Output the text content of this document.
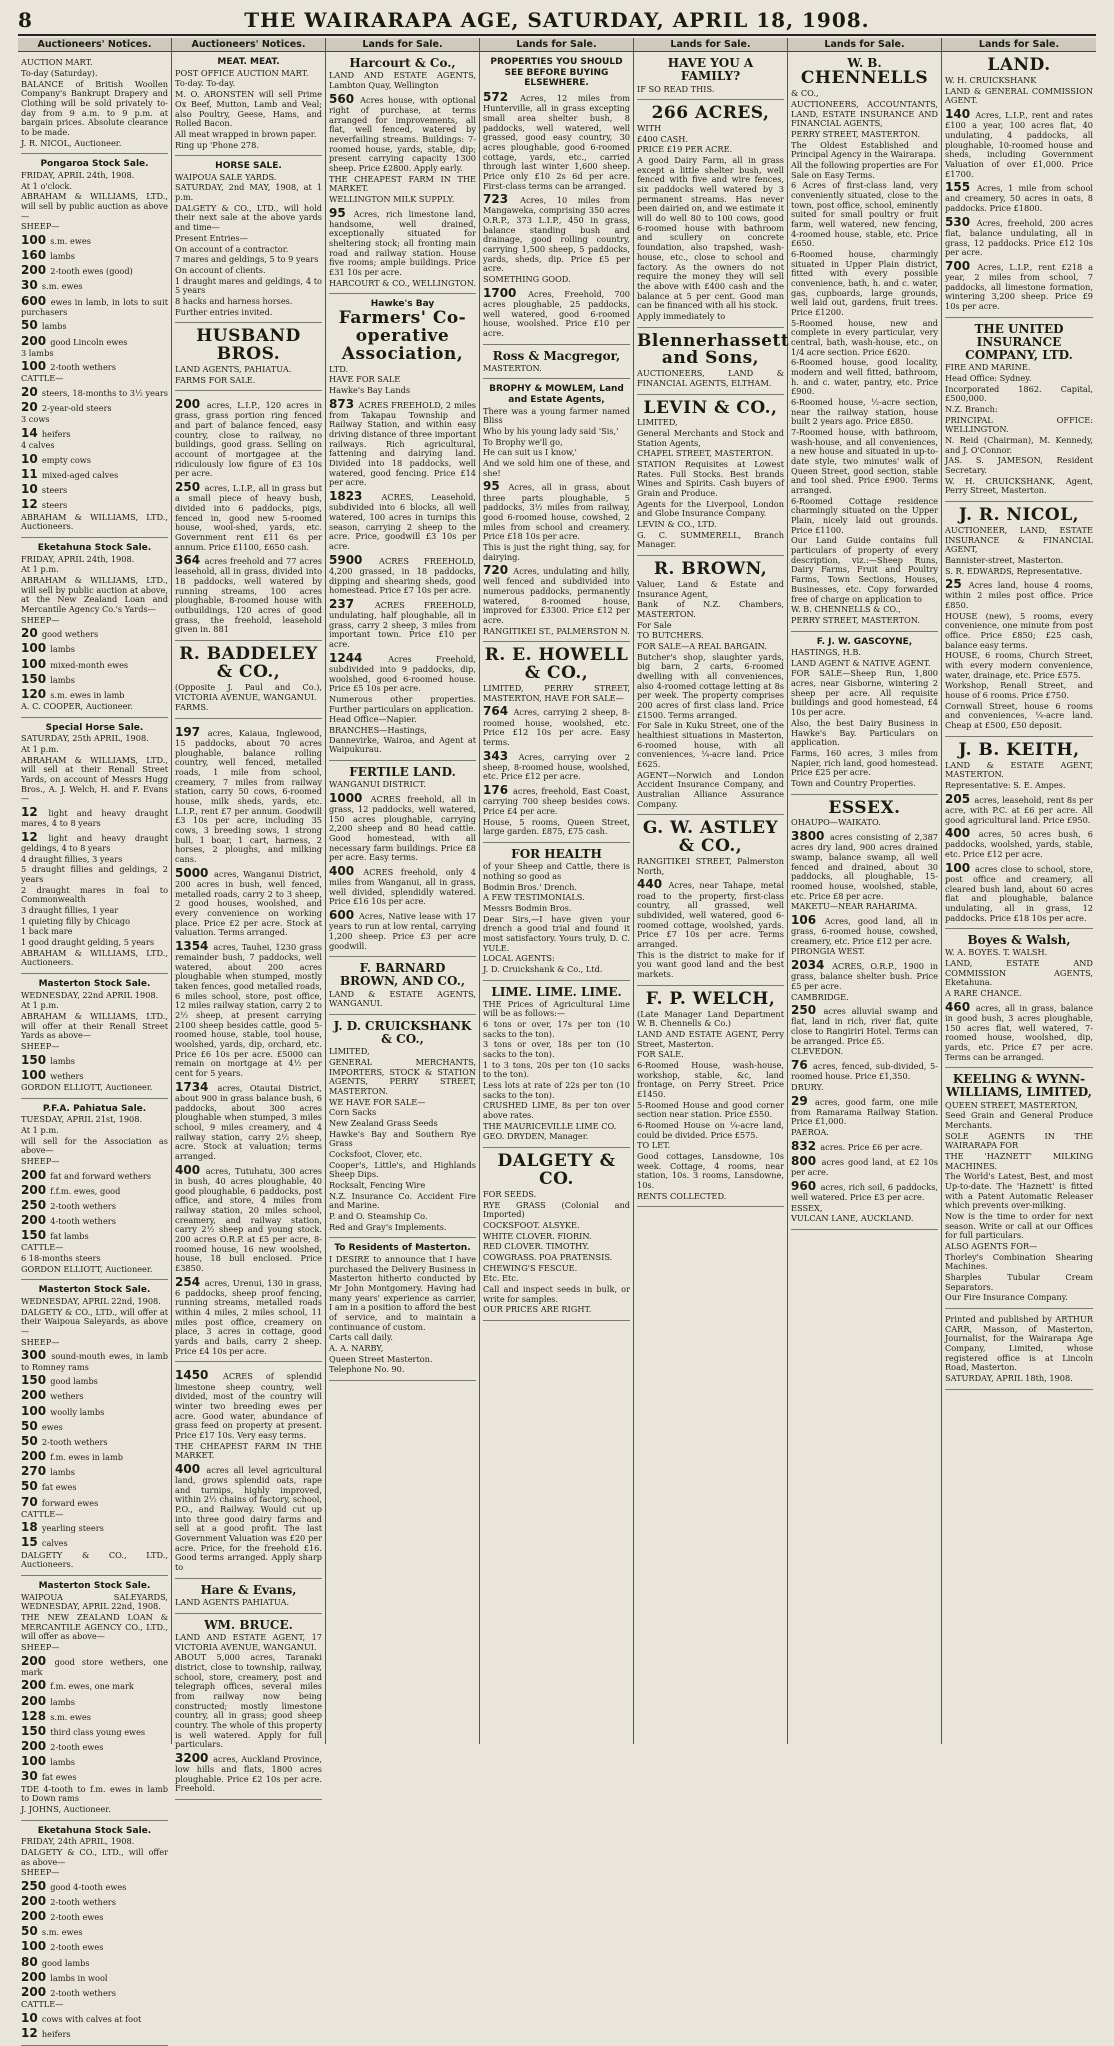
8	THE WAIRARAPA AGE, SATURDAY, APRIL 18, 1908.
Auctioneers' Notices.

AUCTION MART.

To-day (Saturday).

BALANCE of British Woollen Company's Bankrupt Drapery and Clothing will be sold privately to-day from 9 a.m. to 9 p.m. at bargain prices. Absolute clearance to be made.

J. R. NICOL, Auctioneer.

Pongaroa Stock Sale.

FRIDAY, APRIL 24th, 1908.

At 1 o'clock.

ABRAHAM & WILLIAMS, LTD., will sell by public auction as above—

SHEEP—

100 s.m. ewes

160 lambs

200 2-tooth ewes (good)

30 s.m. ewes

600 ewes in lamb, in lots to suit purchasers

50 lambs

200 good Lincoln ewes

3 lambs

100 2-tooth wethers

CATTLE—

20 steers, 18-months to 3½ years

20 2-year-old steers

3 cows

14 heifers

4 calves

10 empty cows

11 mixed-aged calves

10 steers

12 steers

ABRAHAM & WILLIAMS, LTD., Auctioneers.

Eketahuna Stock Sale.

FRIDAY, APRIL 24th, 1908.

At 1 p.m.

ABRAHAM & WILLIAMS, LTD., will sell by public auction at above, at the New Zealand Loan and Mercantile Agency Co.'s Yards—

SHEEP—

20 good wethers

100 lambs

100 mixed-month ewes

150 lambs

120 s.m. ewes in lamb

A. C. COOPER, Auctioneer.

Special Horse Sale.

SATURDAY, 25th APRIL, 1908.

At 1 p.m.

ABRAHAM & WILLIAMS, LTD., will sell at their Renall Street Yards, on account of Messrs Hugg Bros., A. J. Welch, H. and F. Evans—

12 light and heavy draught mares, 4 to 8 years

12 light and heavy draught geldings, 4 to 8 years

4 draught fillies, 3 years

5 draught fillies and geldings, 2 years

2 draught mares in foal to Commonwealth

3 draught fillies, 1 year

1 quieting filly by Chicago

1 back mare

1 good draught gelding, 5 years

ABRAHAM & WILLIAMS, LTD., Auctioneers.

Masterton Stock Sale.

WEDNESDAY, 22nd APRIL 1908.

At 1 p.m.

ABRAHAM & WILLIAMS, LTD., will offer at their Renall Street Yards as above—

SHEEP—

150 lambs

100 wethers

GORDON ELLIOTT, Auctioneer.

P.F.A. Pahiatua Sale.

TUESDAY, APRIL 21st, 1908.

At 1 p.m.

will sell for the Association as above—

SHEEP—

200 fat and forward wethers

200 f.f.m. ewes, good

250 2-tooth wethers

200 4-tooth wethers

150 fat lambs

CATTLE—

6 18-months steers

GORDON ELLIOTT, Auctioneer.

Masterton Stock Sale.

WEDNESDAY, APRIL 22nd, 1908.

DALGETY & CO., LTD., will offer at their Waipoua Saleyards, as above—

SHEEP—

300 sound-mouth ewes, in lamb to Romney rams

150 good lambs

200 wethers

100 woolly lambs

50 ewes

50 2-tooth wethers

200 f.m. ewes in lamb

270 lambs

50 fat ewes

70 forward ewes

CATTLE—

18 yearling steers

15 calves

DALGETY & CO., LTD., Auctioneers.

Masterton Stock Sale.

WAIPOUA SALEYARDS, WEDNESDAY, APRIL 22nd, 1908.

THE NEW ZEALAND LOAN & MERCANTILE AGENCY CO., LTD., will offer as above—

SHEEP—

200 good store wethers, one mark

200 f.m. ewes, one mark

200 lambs

128 s.m. ewes

150 third class young ewes

200 2-tooth ewes

100 lambs

30 fat ewes

TDE 4-tooth to f.m. ewes in lamb to Down rams

J. JOHNS, Auctioneer.

Eketahuna Stock Sale.

FRIDAY, 24th APRIL, 1908.

DALGETY & CO., LTD., will offer as above—

SHEEP—

250 good 4-tooth ewes

200 2-tooth wethers

200 2-tooth ewes

50 s.m. ewes

100 2-tooth ewes

80 good lambs

200 lambs in wool

200 2-tooth wethers

CATTLE—

10 cows with calves at foot

12 heifers

Auctioneers' Notices.
MEAT. MEAT.

POST OFFICE AUCTION MART.

To-day. To-day.

M. O. ARONSTEN will sell Prime Ox Beef, Mutton, Lamb and Veal; also Poultry, Geese, Hams, and Rolled Bacon.

All meat wrapped in brown paper.

Ring up 'Phone 278.

HORSE SALE.

WAIPOUA SALE YARDS.

SATURDAY, 2nd MAY, 1908, at 1 p.m.

DALGETY & CO., LTD., will hold their next sale at the above yards and time—

Present Entries—

On account of a contractor.

7 mares and geldings, 5 to 9 years

On account of clients.

1 draught mares and geldings, 4 to 5 years

8 hacks and harness horses.

Further entries invited.

HUSBAND BROS.

LAND AGENTS, PAHIATUA.

FARMS FOR SALE.

200 acres, L.I.P., 120 acres in grass, grass portion ring fenced and part of balance fenced, easy country, close to railway, no buildings, good grass. Selling on account of mortgagee at the ridiculously low figure of £3 10s per acre.

250 acres, L.I.P., all in grass but a small piece of heavy bush, divided into 6 paddocks, pigs, fenced in, good new 5-roomed house, wool-shed, yards, etc. Government rent £11 6s per annum. Price £1100, £650 cash.

364 acres freehold and 77 acres leasehold, all in grass, divided into 18 paddocks, well watered by running streams, 100 acres ploughable, 8-roomed house with outbuildings, 120 acres of good grass, the freehold, leasehold given in. 881

R. BADDELEY & CO.,

(Opposite J. Paul and Co.), VICTORIA AVENUE, WANGANUI.

FARMS.

197 acres, Kaiaua, Inglewood, 15 paddocks, about 70 acres ploughable, balance rolling country, well fenced, metalled roads, 1 mile from school, creamery, 7 miles from railway station, carry 50 cows, 6-roomed house, milk sheds, yards, etc. L.I.P., rent £7 per annum. Goodwill £3 10s per acre, including 35 cows, 3 breeding sows, 1 strong bull, 1 boar, 1 cart, harness, 2 horses, 2 ploughs, and milking cans.

5000 acres, Wanganui District, 200 acres in bush, well fenced, metalled roads, carry 2 to 3 sheep, 2 good houses, woolshed, and every convenience on working place. Price £2 per acre. Stock at valuation. Terms arranged.

1354 acres, Tauhei, 1230 grass remainder bush, 7 paddocks, well watered, about 200 acres ploughable when stumped, mostly taken fences, good metalled roads, 6 miles school, store, post office, 12 miles railway station, carry 2 to 2½ sheep, at present carrying 2100 sheep besides cattle, good 5-roomed house, stable, tool house, woolshed, yards, dip, orchard, etc. Price £6 10s per acre. £5000 can remain on mortgage at 4½ per cent for 5 years.

1734 acres, Otautai District, about 900 in grass balance bush, 6 paddocks, about 300 acres ploughable when stumped, 3 miles school, 9 miles creamery, and 4 railway station, carry 2½ sheep, acre. Stock at valuation; terms arranged.

400 acres, Tutuhatu, 300 acres in bush, 40 acres ploughable, 40 good ploughable, 6 paddocks, post office, and store, 4 miles from railway station, 20 miles school, creamery, and railway station, carry 2½ sheep and young stock. 200 acres O.R.P. at £5 per acre, 8-roomed house, 16 new woolshed, house, 18 bull enclosed. Price £3850.

254 acres, Urenui, 130 in grass, 6 paddocks, sheep proof fencing, running streams, metalled roads within 4 miles, 2 miles school, 11 miles post office, creamery on place, 3 acres in cottage, good yards and bails, carry 2 sheep. Price £4 10s per acre.

1450 ACRES of splendid limestone sheep country, well divided, most of the country will winter two breeding ewes per acre. Good water, abundance of grass feed on property at present. Price £17 10s. Very easy terms.

THE CHEAPEST FARM IN THE MARKET.

400 acres all level agricultural land, grows splendid oats, rape and turnips, highly improved, within 2½ chains of factory, school, P.O., and Railway. Would cut up into three good dairy farms and sell at a good profit. The last Government Valuation was £20 per acre. Price, for the freehold £16. Good terms arranged. Apply sharp to

Hare & Evans,

LAND AGENTS PAHIATUA.

WM. BRUCE.

LAND AND ESTATE AGENT, 17 VICTORIA AVENUE, WANGANUI.

ABOUT 5,000 acres, Taranaki district, close to township, railway, school, store, creamery, post and telegraph offices, several miles from railway now being constructed; mostly limestone country, all in grass; good sheep country. The whole of this property is well watered. Apply for full particulars.

3200 acres, Auckland Province, low hills and flats, 1800 acres ploughable. Price £2 10s per acre. Freehold.

Lands for Sale.
Harcourt & Co.,

LAND AND ESTATE AGENTS, Lambton Quay, Wellington

560 Acres house, with optional right of purchase, at terms arranged for improvements, all flat, well fenced, watered by neverfailing streams. Buildings: 7-roomed house, yards, stable, dip; present carrying capacity 1300 sheep. Price £2800. Apply early.

THE CHEAPEST FARM IN THE MARKET.

WELLINGTON MILK SUPPLY.

95 Acres, rich limestone land, handsome, well drained, exceptionally situated for sheltering stock; all fronting main road and railway station. House five rooms; ample buildings. Price £31 10s per acre.

HARCOURT & CO., WELLINGTON.

Hawke's Bay
Farmers' Co-operative Association,

LTD.

HAVE FOR SALE

Hawke's Bay Lands

873 ACRES FREEHOLD, 2 miles from Takapau Township and Railway Station, and within easy driving distance of three important railways. Rich agricultural, fattening and dairying land. Divided into 18 paddocks, well watered, good fencing. Price £14 per acre.

1823 ACRES, Leasehold, subdivided into 6 blocks, all well watered, 100 acres in turnips this season, carrying 2 sheep to the acre. Price, goodwill £3 10s per acre.

5900 ACRES FREEHOLD, 4,200 grassed, in 18 paddocks, dipping and shearing sheds, good homestead. Price £7 10s per acre.

237 ACRES FREEHOLD, undulating, half ploughable, all in grass, carry 2 sheep, 3 miles from important town. Price £10 per acre.

1244 Acres Freehold, subdivided into 9 paddocks, dip, woolshed, good 6-roomed house. Price £5 10s per acre.

Numerous other properties. Further particulars on application.

Head Office—Napier.

BRANCHES—Hastings, Dannevirke, Wairoa, and Agent at Waipukurau.

FERTILE LAND.

WANGANUI DISTRICT.

1000 ACRES freehold, all in grass, 12 paddocks, well watered, 150 acres ploughable, carrying 2,200 sheep and 80 head cattle. Good homestead, with all necessary farm buildings. Price £8 per acre. Easy terms.

400 ACRES freehold, only 4 miles from Wanganui, all in grass, well divided, splendidly watered. Price £16 10s per acre.

600 Acres, Native lease with 17 years to run at low rental, carrying 1,200 sheep. Price £3 per acre goodwill.

F. BARNARD BROWN, AND CO.,

LAND & ESTATE AGENTS, WANGANUI.

J. D. CRUICKSHANK & CO.,

LIMITED,

GENERAL MERCHANTS, IMPORTERS, STOCK & STATION AGENTS, PERRY STREET, MASTERTON.

WE HAVE FOR SALE—

Corn Sacks

New Zealand Grass Seeds

Hawke's Bay and Southern Rye Grass

Cocksfoot, Clover, etc.

Cooper's, Little's, and Highlands Sheep Dips.

Rocksalt, Fencing Wire

N.Z. Insurance Co. Accident Fire and Marine.

P. and O. Steamship Co.

Red and Gray's Implements.

To Residents of Masterton.

I DESIRE to announce that I have purchased the Delivery Business in Masterton hitherto conducted by Mr John Montgomery. Having had many years' experience as carrier, I am in a position to afford the best of service, and to maintain a continuance of custom.

Carts call daily.

A. A. NARBY,

Queen Street Masterton.

Telephone No. 90.

Lands for Sale.
PROPERTIES YOU SHOULD SEE BEFORE BUYING ELSEWHERE.

572 Acres, 12 miles from Hunterville, all in grass excepting small area shelter bush, 8 paddocks, well watered, well grassed, good easy country, 30 acres ploughable, good 6-roomed cottage, yards, etc., carried through last winter 1,600 sheep. Price only £10 2s 6d per acre. First-class terms can be arranged.

723 Acres, 10 miles from Mangaweka, comprising 350 acres O.R.P., 373 L.I.P., 450 in grass, balance standing bush and drainage, good rolling country, carrying 1,500 sheep, 5 paddocks, yards, sheds, dip. Price £5 per acre.

SOMETHING GOOD.

1700 Acres, Freehold, 700 acres ploughable, 25 paddocks, well watered, good 6-roomed house, woolshed. Price £10 per acre.

Ross & Macgregor,

MASTERTON.

BROPHY & MOWLEM, Land and Estate Agents,

There was a young farmer named Bliss

Who by his young lady said 'Sis,'

To Brophy we'll go,

He can suit us I know,'

And we sold him one of these, and she!

95 Acres, all in grass, about three parts ploughable, 5 paddocks, 3½ miles from railway, good 6-roomed house, cowshed, 2 miles from school and creamery. Price £18 10s per acre.

This is just the right thing, say, for dairying.

720 Acres, undulating and hilly, well fenced and subdivided into numerous paddocks, permanently watered, 8-roomed house, improved for £3300. Price £12 per acre.

RANGITIKEI ST., PALMERSTON N.

R. E. HOWELL & CO.,

LIMITED, PERRY STREET, MASTERTON, HAVE FOR SALE—

764 Acres, carrying 2 sheep, 8-roomed house, woolshed, etc. Price £12 10s per acre. Easy terms.

343 Acres, carrying over 2 sheep, 8-roomed house, woolshed, etc. Price £12 per acre.

176 acres, freehold, East Coast, carrying 700 sheep besides cows. Price £4 per acre.

House, 5 rooms, Queen Street, large garden. £875, £75 cash.

FOR HEALTH

of your Sheep and Cattle, there is nothing so good as

Bodmin Bros.' Drench.

A FEW TESTIMONIALS.

Messrs Bodmin Bros.

Dear Sirs,—I have given your drench a good trial and found it most satisfactory. Yours truly, D. C. YULE.

LOCAL AGENTS:

J. D. Cruickshank & Co., Ltd.

LIME. LIME. LIME.

THE Prices of Agricultural Lime will be as follows:—

6 tons or over, 17s per ton (10 sacks to the ton).

3 tons or over, 18s per ton (10 sacks to the ton).

1 to 3 tons, 20s per ton (10 sacks to the ton).

Less lots at rate of 22s per ton (10 sacks to the ton).

CRUSHED LIME, 8s per ton over above rates.

THE MAURICEVILLE LIME CO.

GEO. DRYDEN, Manager.

DALGETY & CO.

FOR SEEDS.

RYE GRASS (Colonial and Imported)

COCKSFOOT. ALSYKE.

WHITE CLOVER. FIORIN.

RED CLOVER. TIMOTHY.

COWGRASS. POA PRATENSIS.

CHEWING'S FESCUE.

Etc. Etc.

Call and inspect seeds in bulk, or write for samples.

OUR PRICES ARE RIGHT.

Lands for Sale.
HAVE YOU A FAMILY?

IF SO READ THIS.

266 ACRES,

WITH

£400 CASH.

PRICE £19 PER ACRE.

A good Dairy Farm, all in grass except a little shelter bush, well fenced with five and wire fences, six paddocks well watered by 3 permanent streams. Has never been dairied on, and we estimate it will do well 80 to 100 cows, good 6-roomed house with bathroom and scullery on concrete foundation, also trapshed, wash-house, etc., close to school and factory. As the owners do not require the money they will sell the above with £400 cash and the balance at 5 per cent. Good man can be financed with all his stock.

Apply immediately to

Blennerhassett and Sons,

AUCTIONEERS, LAND & FINANCIAL AGENTS, ELTHAM.

LEVIN & CO.,

LIMITED,

General Merchants and Stock and Station Agents,

CHAPEL STREET, MASTERTON.

STATION Requisites at Lowest Rates. Full Stocks. Best brands Wines and Spirits. Cash buyers of Grain and Produce.

Agents for the Liverpool, London and Globe Insurance Company.

LEVIN & CO., LTD.

G. C. SUMMERELL, Branch Manager.

R. BROWN,

Valuer, Land & Estate and Insurance Agent,

Bank of N.Z. Chambers, MASTERTON.

For Sale

TO BUTCHERS.

FOR SALE—A REAL BARGAIN.

Butcher's shop, slaughter yards, big barn, 2 carts, 6-roomed dwelling with all conveniences, also 4-roomed cottage letting at 8s per week. The property comprises 200 acres of first class land. Price £1500. Terms arranged.

For Sale in Kuku Street, one of the healthiest situations in Masterton, 6-roomed house, with all conveniences, ¼-acre land. Price £625.

AGENT—Norwich and London Accident Insurance Company, and Australian Alliance Assurance Company.

G. W. ASTLEY & CO.,

RANGITIKEI STREET, Palmerston North,

440 Acres, near Tahape, metal road to the property, first-class country, all grassed, well subdivided, well watered, good 6-roomed cottage, woolshed, yards. Price £7 10s per acre. Terms arranged.

This is the district to make for if you want good land and the best markets.

F. P. WELCH,

(Late Manager Land Department W. B. Chennells & Co.)

LAND AND ESTATE AGENT, Perry Street, Masterton.

FOR SALE.

6-Roomed House, wash-house, workshop, stable, &c, land frontage, on Perry Street. Price £1450.

5-Roomed House and good corner section near station. Price £550.

6-Roomed House on ¼-acre land, could be divided. Price £575.

TO LET.

Good cottages, Lansdowne, 10s week. Cottage, 4 rooms, near station, 10s. 3 rooms, Lansdowne, 10s.

RENTS COLLECTED.

Lands for Sale.
W. B.
CHENNELLS

& CO.,

AUCTIONEERS, ACCOUNTANTS, LAND, ESTATE INSURANCE AND FINANCIAL AGENTS,

PERRY STREET, MASTERTON.

The Oldest Established and Principal Agency in the Wairarapa.

All the following properties are For Sale on Easy Terms.

6 Acres of first-class land, very conveniently situated, close to the town, post office, school, eminently suited for small poultry or fruit farm, well watered, new fencing, 4-roomed house, stable, etc. Price £650.

6-Roomed house, charmingly situated in Upper Plain district, fitted with every possible convenience, bath, h. and c. water, gas, cupboards, large grounds, well laid out, gardens, fruit trees. Price £1200.

5-Roomed house, new and complete in every particular, very central, bath, wash-house, etc., on 1/4 acre section. Price £620.

6-Roomed house, good locality, modern and well fitted, bathroom, h. and c. water, pantry, etc. Price £900.

6-Roomed house, ½-acre section, near the railway station, house built 2 years ago. Price £850.

7-Roomed house, with bathroom, wash-house, and all conveniences, a new house and situated in up-to-date style, two minutes' walk of Queen Street, good section, stable and tool shed. Price £900. Terms arranged.

6-Roomed Cottage residence charmingly situated on the Upper Plain, nicely laid out grounds. Price £1100.

Our Land Guide contains full particulars of property of every description, viz.:—Sheep Runs, Dairy Farms, Fruit and Poultry Farms, Town Sections, Houses, Businesses, etc. Copy forwarded free of charge on application to

W. B. CHENNELLS & CO.,

PERRY STREET, MASTERTON.

F. J. W. GASCOYNE,

HASTINGS, H.B.

LAND AGENT & NATIVE AGENT.

FOR SALE—Sheep Run, 1,800 acres, near Gisborne, wintering 2 sheep per acre. All requisite buildings and good homestead, £4 10s per acre.

Also, the best Dairy Business in Hawke's Bay. Particulars on application.

Farms, 160 acres, 3 miles from Napier, rich land, good homestead. Price £25 per acre.

Town and Country Properties.

ESSEX.

OHAUPO—WAIKATO.

3800 acres consisting of 2,387 acres dry land, 900 acres drained swamp, balance swamp, all well fenced and drained, about 30 paddocks, all ploughable, 15-roomed house, woolshed, stable, etc. Price £8 per acre.

MAKETU—NEAR RAHARIMA.

106 Acres, good land, all in grass, 6-roomed house, cowshed, creamery, etc. Price £12 per acre.

PIRONGIA WEST.

2034 ACRES, O.R.P., 1900 in grass, balance shelter bush. Price £5 per acre.

CAMBRIDGE.

250 acres alluvial swamp and flat, land in rich, river flat, quite close to Rangiriri Hotel. Terms can be arranged. Price £5.

CLEVEDON.

76 acres, fenced, sub-divided, 5-roomed house. Price £1,350.

DRURY.

29 acres, good farm, one mile from Ramarama Railway Station. Price £1,000.

PAEROA.

832 acres. Price £6 per acre.

800 acres good land, at £2 10s per acre.

960 acres, rich soil, 6 paddocks, well watered. Price £3 per acre.

ESSEX,

VULCAN LANE, AUCKLAND.

Lands for Sale.
LAND.

W. H. CRUICKSHANK

LAND & GENERAL COMMISSION AGENT.

140 Acres, L.I.P., rent and rates £100 a year, 100 acres flat, 40 undulating, 4 paddocks, all ploughable, 10-roomed house and sheds, including Government Valuation of over £1,000. Price £1700.

155 Acres, 1 mile from school and creamery, 50 acres in oats, 8 paddocks. Price £1800.

530 Acres, freehold, 200 acres flat, balance undulating, all in grass, 12 paddocks. Price £12 10s per acre.

700 Acres, L.I.P., rent £218 a year, 2 miles from school, 7 paddocks, all limestone formation, wintering 3,200 sheep. Price £9 10s per acre.

THE UNITED INSURANCE COMPANY, LTD.

FIRE AND MARINE.

Head Office: Sydney.

Incorporated 1862. Capital, £500,000.

N.Z. Branch:

PRINCIPAL OFFICE: WELLINGTON.

N. Reid (Chairman), M. Kennedy, and J. O'Connor.

JAS. S. JAMESON, Resident Secretary.

W. H. CRUICKSHANK, Agent, Perry Street, Masterton.

J. R. NICOL,

AUCTIONEER, LAND, ESTATE INSURANCE & FINANCIAL AGENT,

Bannister-street, Masterton.

S. R. EDWARDS, Representative.

25 Acres land, house 4 rooms, within 2 miles post office. Price £850.

HOUSE (new), 5 rooms, every convenience, one minute from post office. Price £850; £25 cash, balance easy terms.

HOUSE, 6 rooms, Church Street, with every modern convenience, water, drainage, etc. Price £575.

Workshop, Renall Street, and house of 6 rooms. Price £750.

Cornwall Street, house 6 rooms and conveniences, ¼-acre land. Cheap at £500, £50 deposit.

J. B. KEITH,

LAND & ESTATE AGENT, MASTERTON.

Representative: S. E. Ampes.

205 acres, leasehold, rent 8s per acre, with P.C. at £6 per acre. All good agricultural land. Price £950.

400 acres, 50 acres bush, 6 paddocks, woolshed, yards, stable, etc. Price £12 per acre.

100 acres close to school, store, post office and creamery, all cleared bush land, about 60 acres flat and ploughable, balance undulating, all in grass, 12 paddocks. Price £18 10s per acre.

Boyes & Walsh,

W. A. BOYES. T. WALSH.

LAND, ESTATE AND COMMISSION AGENTS, Eketahuna.

A RARE CHANCE.

460 acres, all in grass, balance in good bush, 3 acres ploughable, 150 acres flat, well watered, 7-roomed house, woolshed, dip, yards, etc. Price £7 per acre. Terms can be arranged.

KEELING & WYNN-WILLIAMS, LIMITED,

QUEEN STREET, MASTERTON,

Seed Grain and General Produce Merchants.

SOLE AGENTS IN THE WAIRARAPA FOR

THE 'HAZNETT' MILKING MACHINES.

The World's Latest, Best, and most Up-to-date. The 'Haznett' is fitted with a Patent Automatic Releaser which prevents over-milking.

Now is the time to order for next season. Write or call at our Offices for full particulars.

ALSO AGENTS FOR—

Thorley's Combination Shearing Machines.

Sharples Tubular Cream Separators.

Our Fire Insurance Company.

Printed and published by ARTHUR CARR, Masson, of Masterton, Journalist, for the Wairarapa Age Company, Limited, whose registered office is at Lincoln Road, Masterton.

SATURDAY, APRIL 18th, 1908.
